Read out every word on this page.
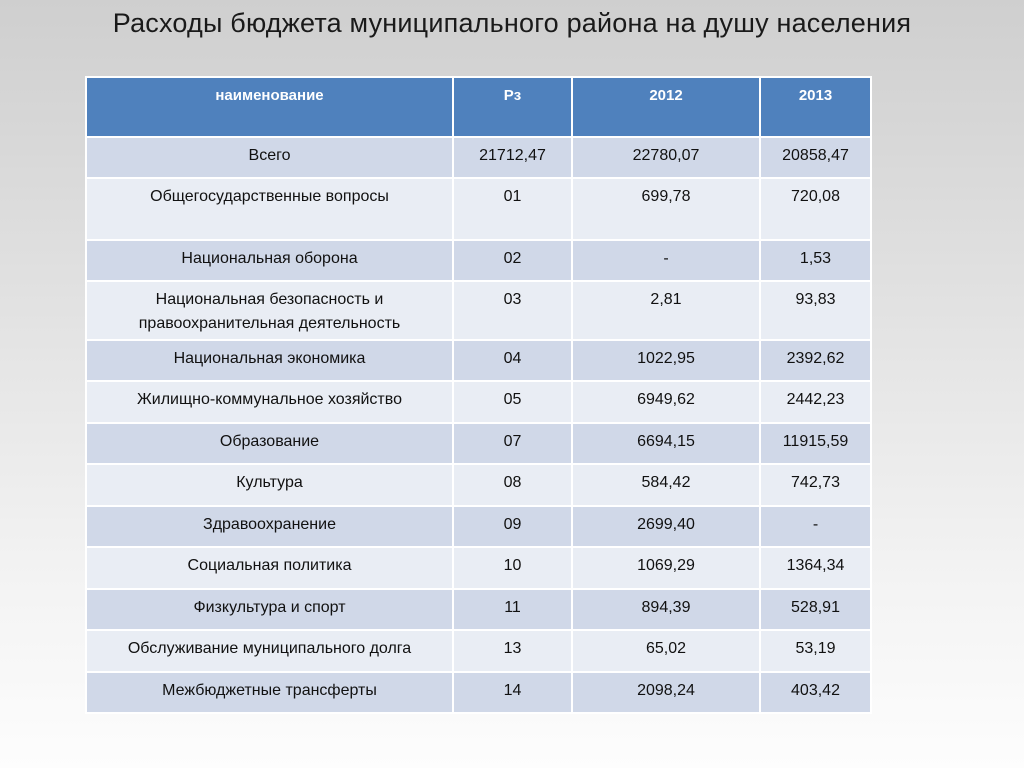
Расходы бюджета муниципального района на душу населения
наименование	Рз	2012	2013
Всего	21712,47	22780,07	20858,47
Общегосударственные вопросы	01	699,78	720,08
Национальная оборона	02	-	1,53
Национальная безопасность и правоохранительная деятельность	03	2,81	93,83
Национальная экономика	04	1022,95	2392,62
Жилищно-коммунальное хозяйство	05	6949,62	2442,23
Образование	07	6694,15	11915,59
Культура	08	584,42	742,73
Здравоохранение	09	2699,40	-
Социальная политика	10	1069,29	1364,34
Физкультура и спорт	11	894,39	528,91
Обслуживание муниципального долга	13	65,02	53,19
Межбюджетные трансферты	14	2098,24	403,42
